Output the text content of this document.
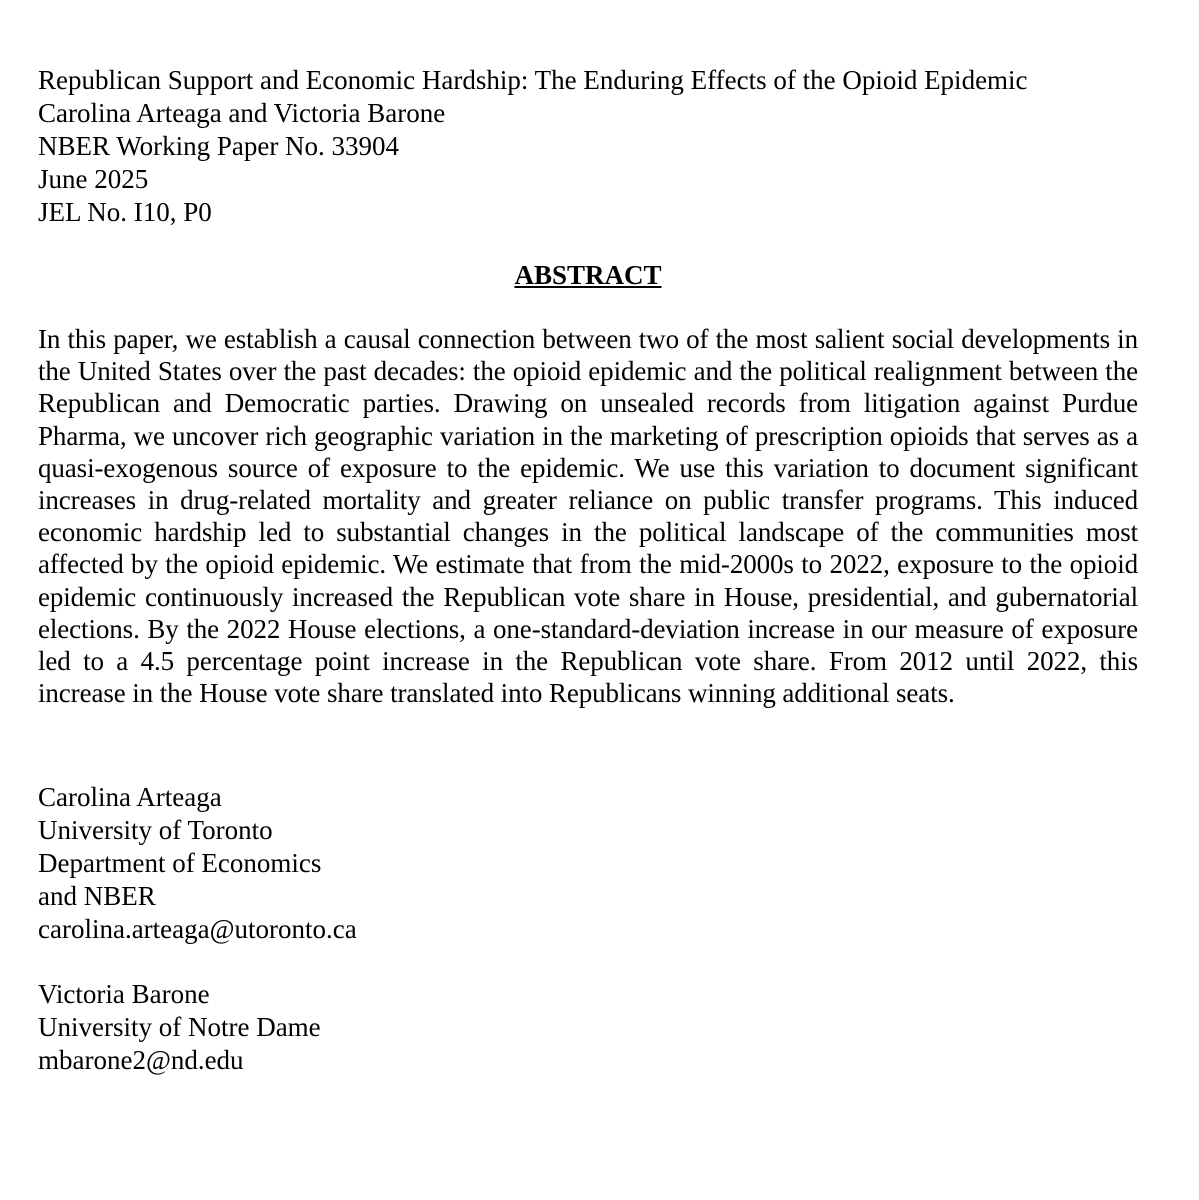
Republican Support and Economic Hardship: The Enduring Effects of the Opioid Epidemic
Carolina Arteaga and Victoria Barone
NBER Working Paper No. 33904
June 2025
JEL No. I10, P0
ABSTRACT
In this paper, we establish a causal connection between two of the most salient social developments in the United States over the past decades: the opioid epidemic and the political realignment between the Republican and Democratic parties. Drawing on unsealed records from litigation against Purdue Pharma, we uncover rich geographic variation in the marketing of prescription opioids that serves as a quasi-exogenous source of exposure to the epidemic. We use this variation to document significant increases in drug-related mortality and greater reliance on public transfer programs. This induced economic hardship led to substantial changes in the political landscape of the communities most affected by the opioid epidemic. We estimate that from the mid-2000s to 2022, exposure to the opioid epidemic continuously increased the Republican vote share in House, presidential, and gubernatorial elections. By the 2022 House elections, a one-standard-deviation increase in our measure of exposure led to a 4.5 percentage point increase in the Republican vote share. From 2012 until 2022, this increase in the House vote share translated into Republicans winning additional seats.
Carolina Arteaga
University of Toronto
Department of Economics
and NBER
carolina.arteaga@utoronto.ca
Victoria Barone
University of Notre Dame
mbarone2@nd.edu
